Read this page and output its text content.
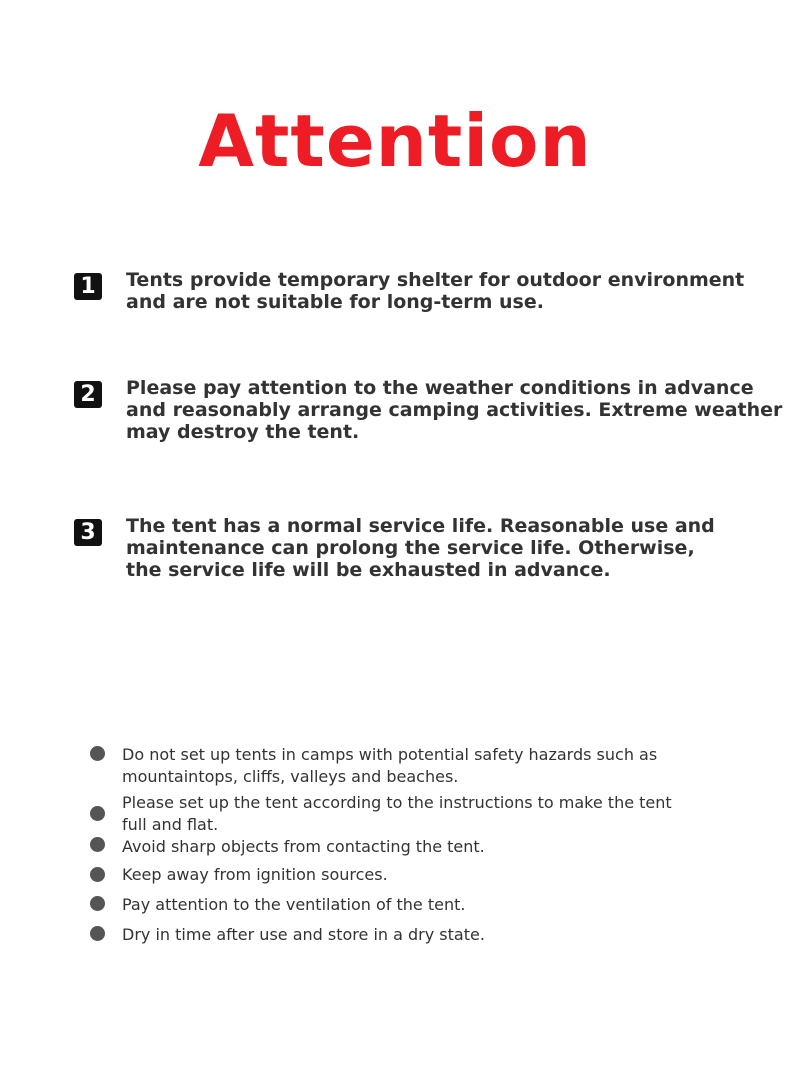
Attention
1	Tents provide temporary shelter for outdoor environment
and are not suitable for long-term use.
2	Please pay attention to the weather conditions in advance
and reasonably arrange camping activities. Extreme weather
may destroy the tent.
3	The tent has a normal service life. Reasonable use and
maintenance can prolong the service life. Otherwise,
the service life will be exhausted in advance.
Do not set up tents in camps with potential safety hazards such as
mountaintops, cliffs, valleys and beaches.
Please set up the tent according to the instructions to make the tent
full and flat.
Avoid sharp objects from contacting the tent.
Keep away from ignition sources.
Pay attention to the ventilation of the tent.
Dry in time after use and store in a dry state.
